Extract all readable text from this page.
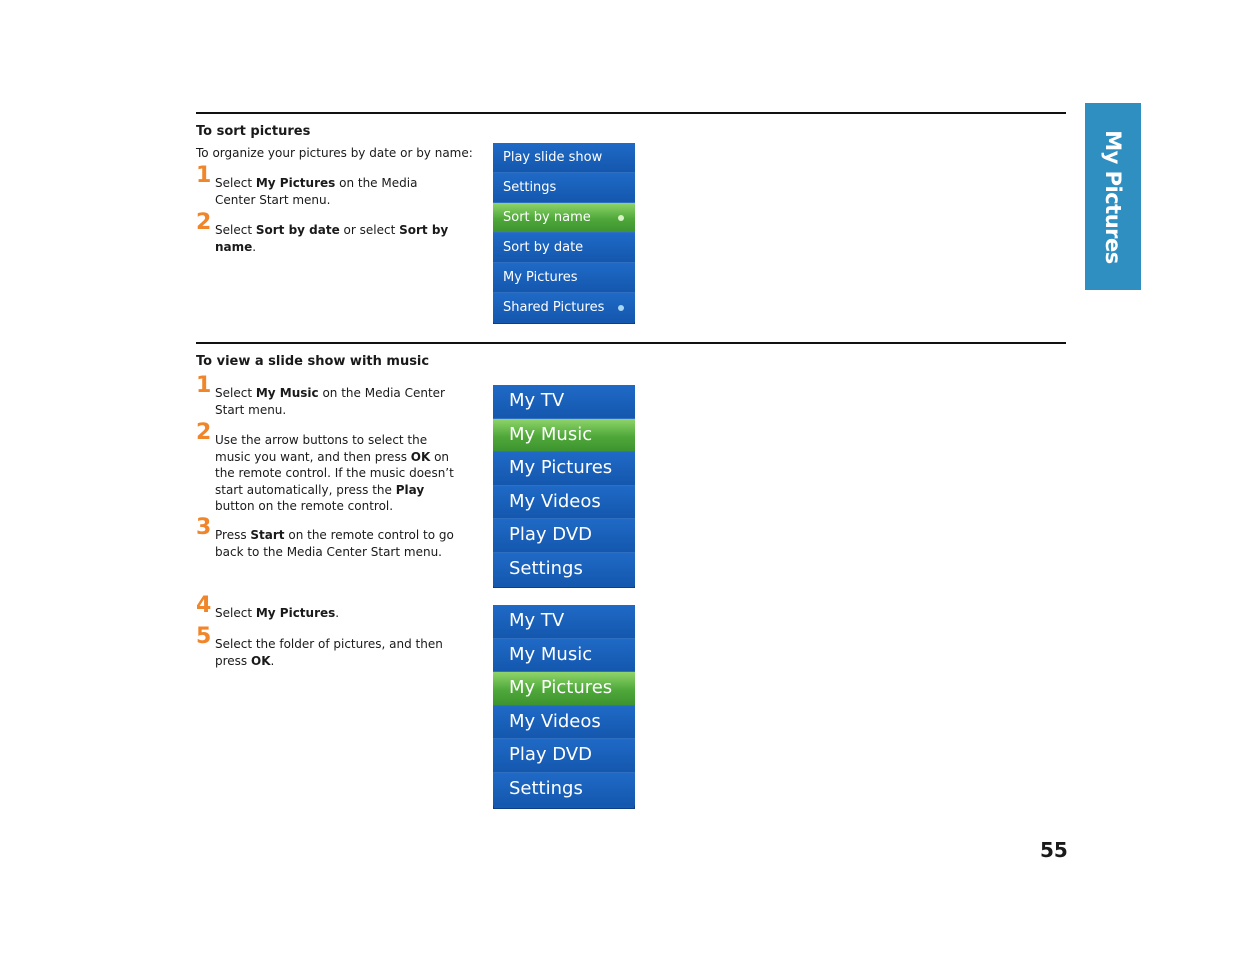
My Pictures
To sort pictures
To organize your pictures by date or by name:
1 Select My Pictures on the Media Center Start menu.
2 Select Sort by date or select Sort by name.
Play slide show
Settings
Sort by name
Sort by date
My Pictures
Shared Pictures
To view a slide show with music
1 Select My Music on the Media Center Start menu.
2 Use the arrow buttons to select the music you want, and then press OK on the remote control. If the music doesn’t start automatically, press the Play button on the remote control.
3 Press Start on the remote control to go back to the Media Center Start menu.
4 Select My Pictures.
5 Select the folder of pictures, and then press OK.
My TV
My Music
My Pictures
My Videos
Play DVD
Settings
My TV
My Music
My Pictures
My Videos
Play DVD
Settings
55
